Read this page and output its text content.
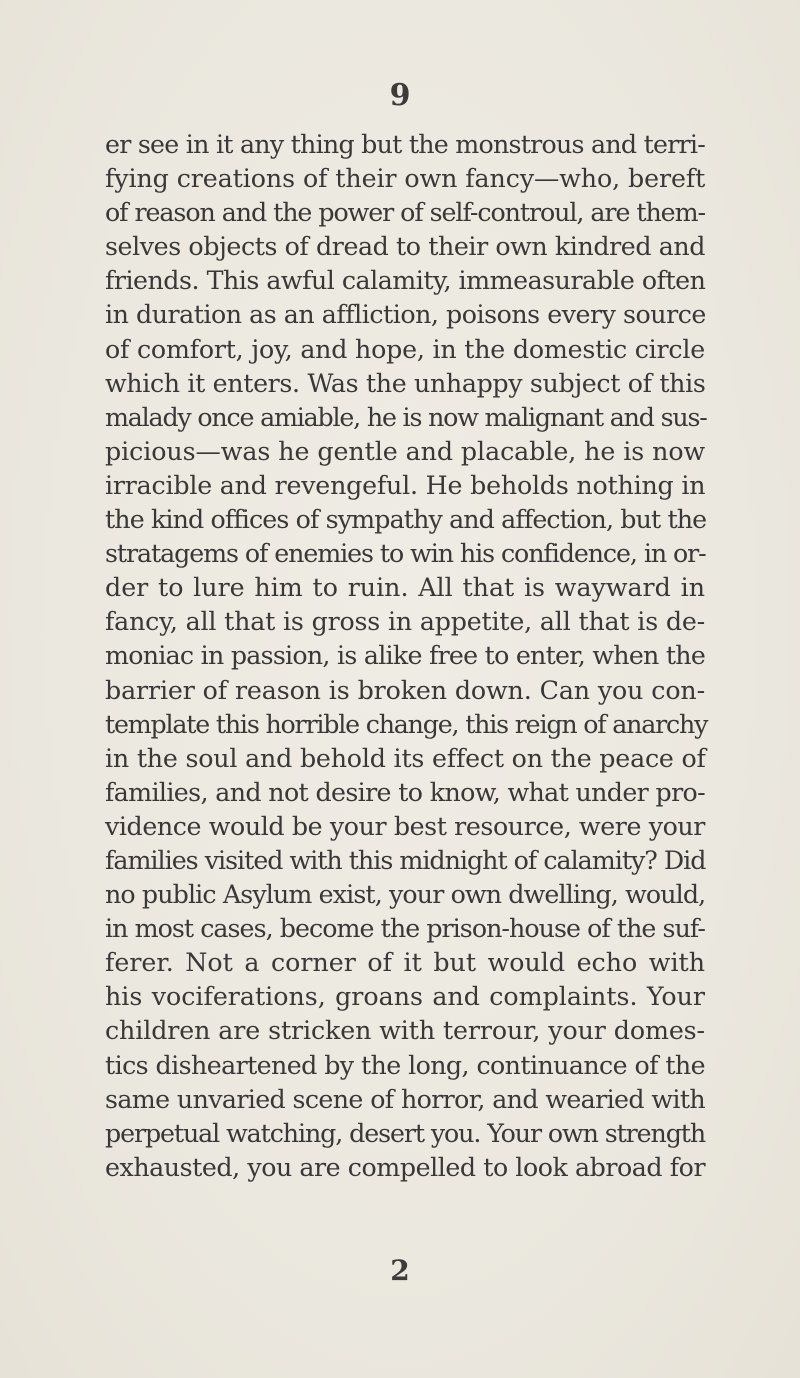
9
er see in it any thing but the monstrous and terri-
fying creations of their own fancy—who, bereft
of reason and the power of self-controul, are them-
selves objects of dread to their own kindred and
friends. This awful calamity, immeasurable often
in duration as an affliction, poisons every source
of comfort, joy, and hope, in the domestic circle
which it enters. Was the unhappy subject of this
malady once amiable, he is now malignant and sus-
picious—was he gentle and placable, he is now
irracible and revengeful. He beholds nothing in
the kind offices of sympathy and affection, but the
stratagems of enemies to win his confidence, in or-
der to lure him to ruin. All that is wayward in
fancy, all that is gross in appetite, all that is de-
moniac in passion, is alike free to enter, when the
barrier of reason is broken down. Can you con-
template this horrible change, this reign of anarchy
in the soul and behold its effect on the peace of
families, and not desire to know, what under pro-
vidence would be your best resource, were your
families visited with this midnight of calamity? Did
no public Asylum exist, your own dwelling, would,
in most cases, become the prison-house of the suf-
ferer. Not a corner of it but would echo with
his vociferations, groans and complaints. Your
children are stricken with terrour, your domes-
tics disheartened by the long, continuance of the
same unvaried scene of horror, and wearied with
perpetual watching, desert you. Your own strength
exhausted, you are compelled to look abroad for
2
